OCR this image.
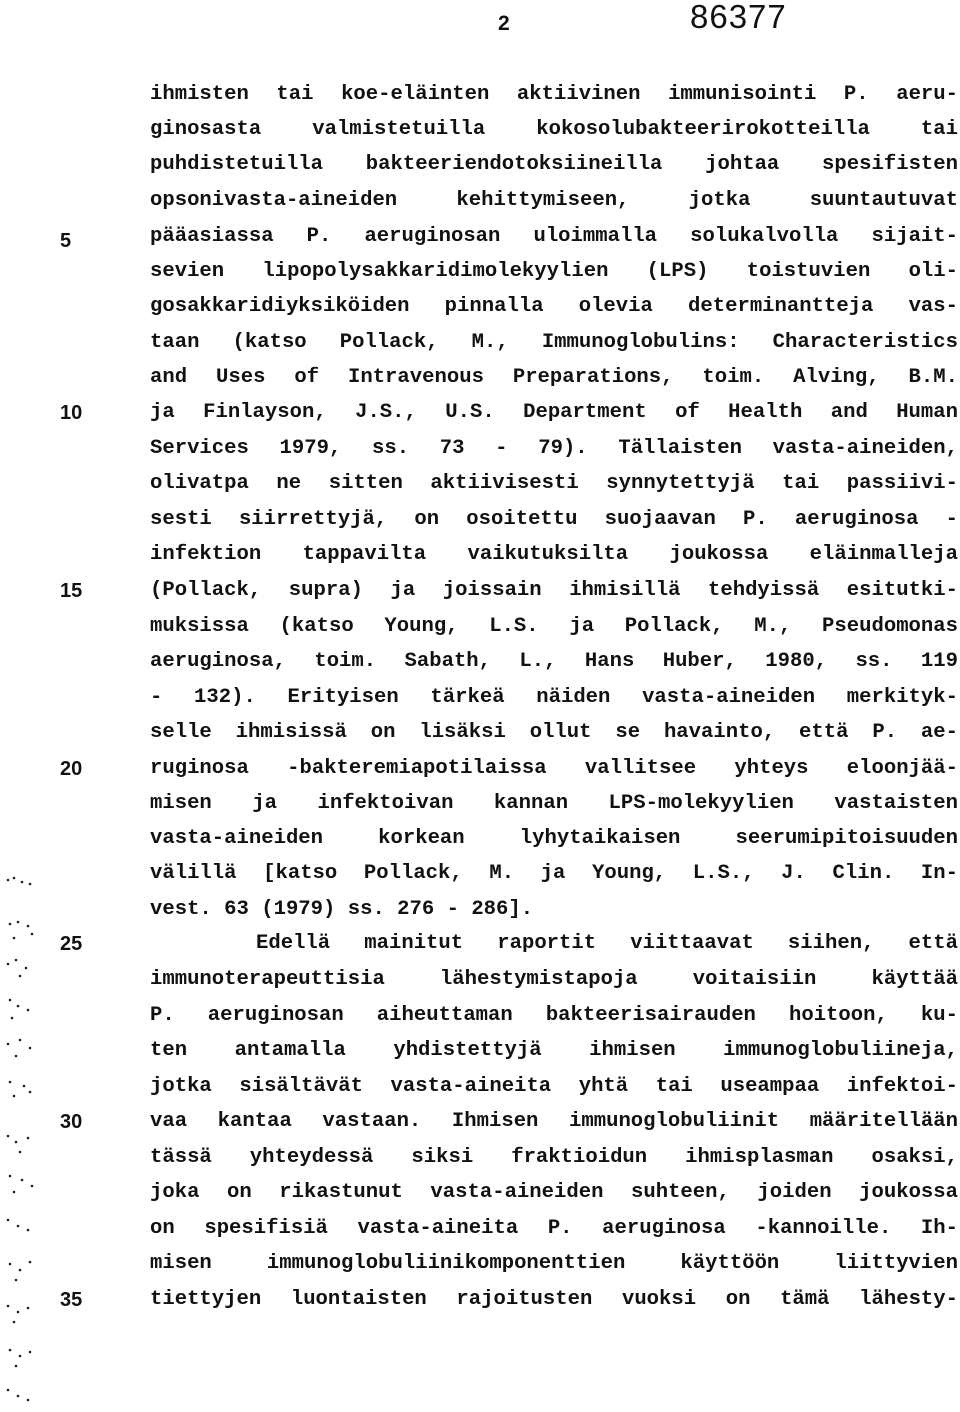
2	86377
5
10
15
20
25
30
35
ihmisten tai koe-eläinten aktiivinen immunisointi P. aeru-
ginosasta valmistetuilla kokosolubakteerirokotteilla tai
puhdistetuilla bakteeriendotoksiineilla johtaa spesifisten
opsonivasta-aineiden kehittymiseen, jotka suuntautuvat
pääasiassa P. aeruginosan uloimmalla solukalvolla sijait-
sevien lipopolysakkaridimolekyylien (LPS) toistuvien oli-
gosakkaridiyksiköiden pinnalla olevia determinantteja vas-
taan (katso Pollack, M., Immunoglobulins: Characteristics
and Uses of Intravenous Preparations, toim. Alving, B.M.
ja Finlayson, J.S., U.S. Department of Health and Human
Services 1979, ss. 73 - 79). Tällaisten vasta-aineiden,
olivatpa ne sitten aktiivisesti synnytettyjä tai passiivi-
sesti siirrettyjä, on osoitettu suojaavan P. aeruginosa -
infektion tappavilta vaikutuksilta joukossa eläinmalleja
(Pollack, supra) ja joissain ihmisillä tehdyissä esitutki-
muksissa (katso Young, L.S. ja Pollack, M., Pseudomonas
aeruginosa, toim. Sabath, L., Hans Huber, 1980, ss. 119
- 132). Erityisen tärkeä näiden vasta-aineiden merkityk-
selle ihmisissä on lisäksi ollut se havainto, että P. ae-
ruginosa -bakteremiapotilaissa vallitsee yhteys eloonjää-
misen ja infektoivan kannan LPS-molekyylien vastaisten
vasta-aineiden korkean lyhytaikaisen seerumipitoisuuden
välillä [katso Pollack, M. ja Young, L.S., J. Clin. In-
vest. 63 (1979) ss. 276 - 286].
Edellä mainitut raportit viittaavat siihen, että
immunoterapeuttisia lähestymistapoja voitaisiin käyttää
P. aeruginosan aiheuttaman bakteerisairauden hoitoon, ku-
ten antamalla yhdistettyjä ihmisen immunoglobuliineja,
jotka sisältävät vasta-aineita yhtä tai useampaa infektoi-
vaa kantaa vastaan. Ihmisen immunoglobuliinit määritellään
tässä yhteydessä siksi fraktioidun ihmisplasman osaksi,
joka on rikastunut vasta-aineiden suhteen, joiden joukossa
on spesifisiä vasta-aineita P. aeruginosa -kannoille. Ih-
misen immunoglobuliinikomponenttien käyttöön liittyvien
tiettyjen luontaisten rajoitusten vuoksi on tämä lähesty-
